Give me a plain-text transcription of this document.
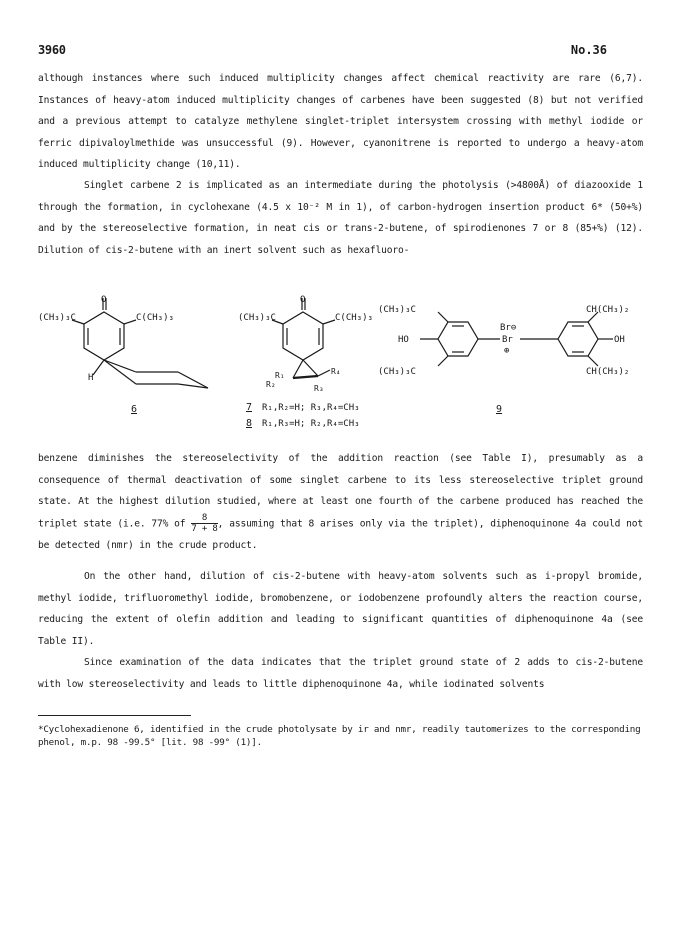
3960	No.36
although instances where such induced multiplicity changes affect chemical reactivity are rare (6,7). Instances of heavy-atom induced multiplicity changes of carbenes have been suggested (8) but not verified and a previous attempt to catalyze methylene singlet-triplet intersystem crossing with methyl iodide or ferric dipivaloylmethide was unsuccessful (9). However, cyanonitrene is reported to undergo a heavy-atom induced multiplicity change (10,11).
Singlet carbene 2 is implicated as an intermediate during the photolysis (>4800Å) of diazooxide 1 through the formation, in cyclohexane (4.5 x 10⁻² M in 1), of carbon-hydrogen insertion product 6* (50+%) and by the stereoselective formation, in neat cis or trans-2-butene, of spirodienones 7 or 8 (85+%) (12). Dilution of cis-2-butene with an inert solvent such as hexafluoro-
O
(CH₃)₃C	C(CH₃)₃
H
6
O
(CH₃)₃C	C(CH₃)₃
R₁
R₂
R₄
R₃
7 R₁,R₂=H; R₃,R₄=CH₃
8 R₁,R₃=H; R₂,R₄=CH₃
(CH₃)₃C
(CH₃)₃C
CH(CH₃)₂
CH(CH₃)₂
HO	OH
Br⊖
Br
⊕
9
benzene diminishes the stereoselectivity of the addition reaction (see Table I), presumably as a consequence of thermal deactivation of some singlet carbene to its less stereoselective triplet ground state. At the highest dilution studied, where at least one fourth of the carbene produced has reached the triplet state (i.e. 77% of $\frac{8}{7 + 8}$ , assuming that 8 arises only via the triplet), diphenoquinone 4a could not be detected (nmr) in the crude product.
On the other hand, dilution of cis-2-butene with heavy-atom solvents such as i-propyl bromide, methyl iodide, trifluoromethyl iodide, bromobenzene, or iodobenzene profoundly alters the reaction course, reducing the extent of olefin addition and leading to significant quantities of diphenoquinone 4a (see Table II).
Since examination of the data indicates that the triplet ground state of 2 adds to cis-2-butene with low stereoselectivity and leads to little diphenoquinone 4a, while iodinated solvents
*Cyclohexadienone 6, identified in the crude photolysate by ir and nmr, readily tautomerizes to the corresponding phenol, m.p. 98 -99.5° [lit. 98 -99° (1)].
